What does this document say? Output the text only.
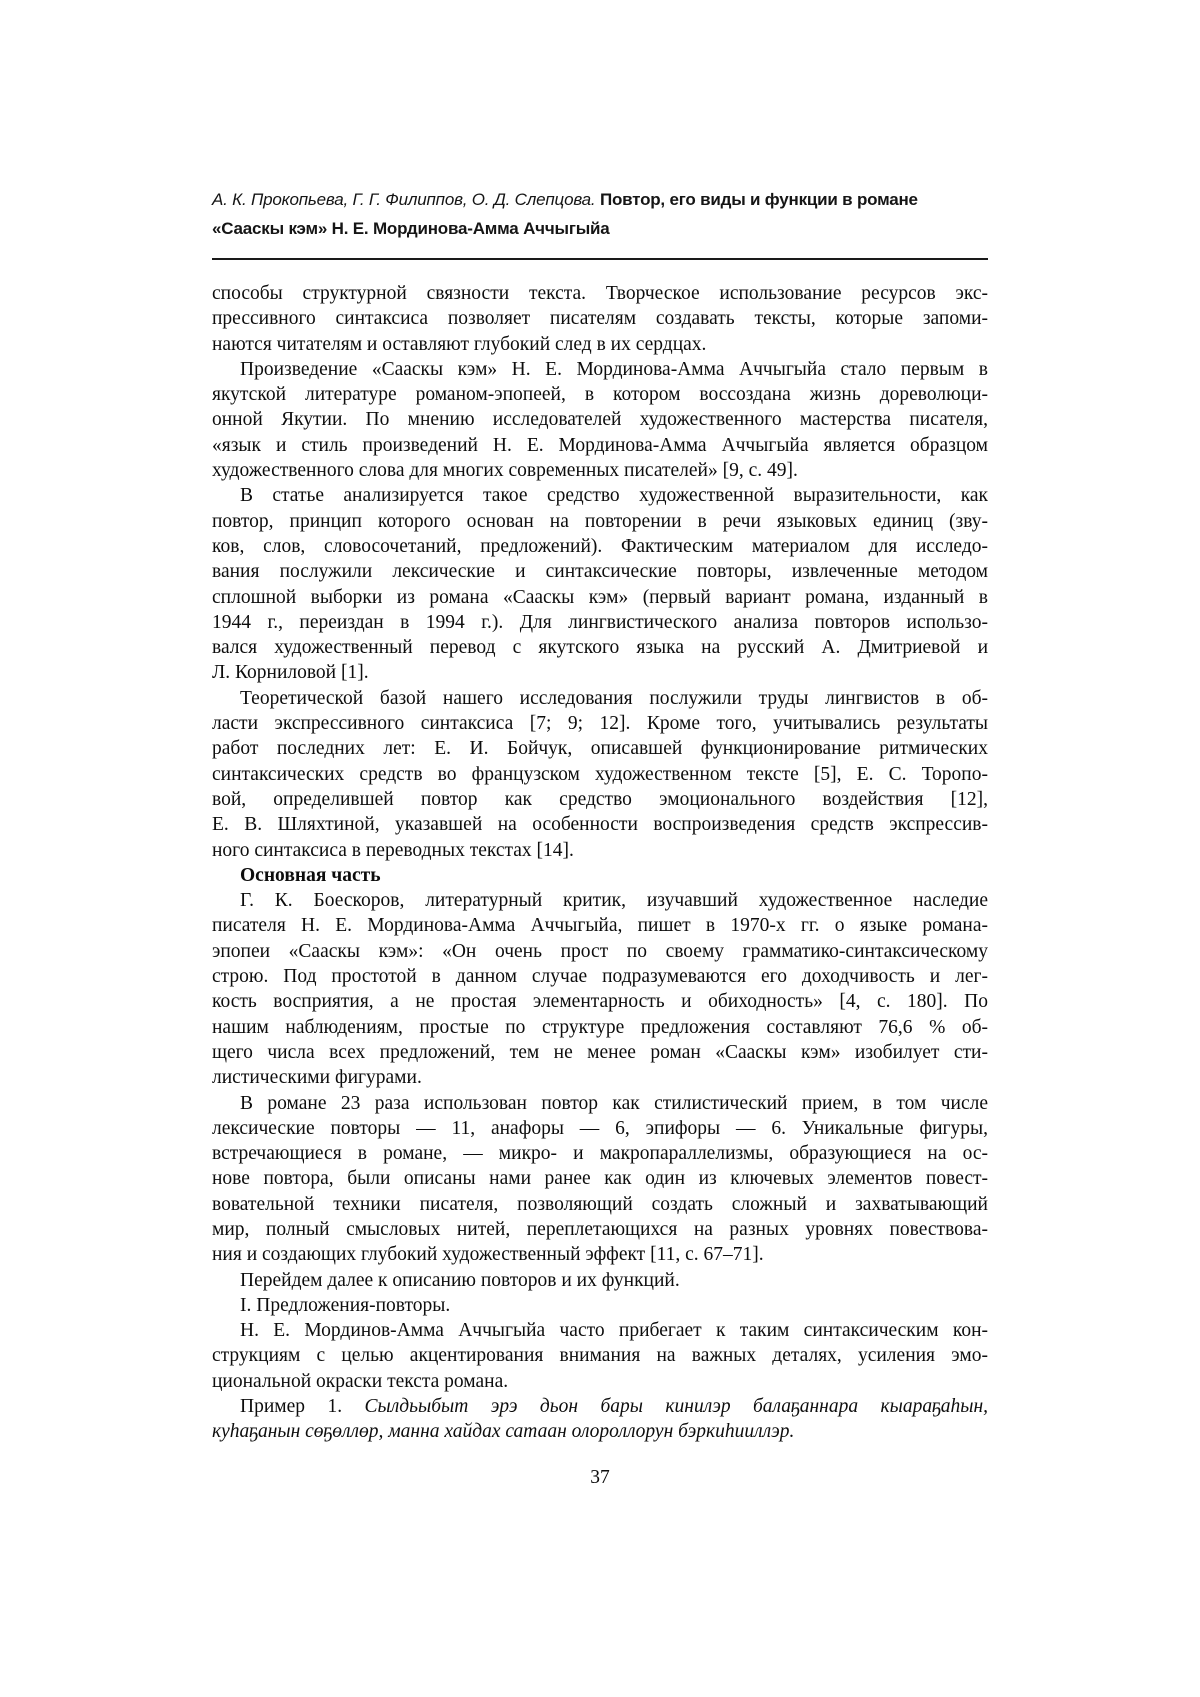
А. К. Прокопьева, Г. Г. Филиппов, О. Д. Слепцова. Повтор, его виды и функции в романе
«Сааскы кэм» Н. Е. Мординова-Амма Аччыгыйа
способы структурной связности текста. Творческое использование ресурсов экс-
прессивного синтаксиса позволяет писателям создавать тексты, которые запоми-
наются читателям и оставляют глубокий след в их сердцах.
Произведение «Сааскы кэм» Н. Е. Мординова-Амма Аччыгыйа стало первым в
якутской литературе романом-эпопеей, в котором воссоздана жизнь дореволюци-
онной Якутии. По мнению исследователей художественного мастерства писателя,
«язык и стиль произведений Н. Е. Мординова-Амма Аччыгыйа является образцом
художественного слова для многих современных писателей» [9, с. 49].
В статье анализируется такое средство художественной выразительности, как
повтор, принцип которого основан на повторении в речи языковых единиц (зву-
ков, слов, словосочетаний, предложений). Фактическим материалом для исследо-
вания послужили лексические и синтаксические повторы, извлеченные методом
сплошной выборки из романа «Сааскы кэм» (первый вариант романа, изданный в
1944 г., переиздан в 1994 г.). Для лингвистического анализа повторов использо-
вался художественный перевод с якутского языка на русский А. Дмитриевой и
Л. Корниловой [1].
Теоретической базой нашего исследования послужили труды лингвистов в об-
ласти экспрессивного синтаксиса [7; 9; 12]. Кроме того, учитывались результаты
работ последних лет: Е. И. Бойчук, описавшей функционирование ритмических
синтаксических средств во французском художественном тексте [5], Е. С. Торопо-
вой, определившей повтор как средство эмоционального воздействия [12],
Е. В. Шляхтиной, указавшей на особенности воспроизведения средств экспрессив-
ного синтаксиса в переводных текстах [14].
Основная часть
Г. К. Боескоров, литературный критик, изучавший художественное наследие
писателя Н. Е. Мординова-Амма Аччыгыйа, пишет в 1970-х гг. о языке романа-
эпопеи «Сааскы кэм»: «Он очень прост по своему грамматико-синтаксическому
строю. Под простотой в данном случае подразумеваются его доходчивость и лег-
кость восприятия, а не простая элементарность и обиходность» [4, с. 180]. По
нашим наблюдениям, простые по структуре предложения составляют 76,6 % об-
щего числа всех предложений, тем не менее роман «Сааскы кэм» изобилует сти-
листическими фигурами.
В романе 23 раза использован повтор как стилистический прием, в том числе
лексические повторы — 11, анафоры — 6, эпифоры — 6. Уникальные фигуры,
встречающиеся в романе, — микро- и макропараллелизмы, образующиеся на ос-
нове повтора, были описаны нами ранее как один из ключевых элементов повест-
вовательной техники писателя, позволяющий создать сложный и захватывающий
мир, полный смысловых нитей, переплетающихся на разных уровнях повествова-
ния и создающих глубокий художественный эффект [11, с. 67–71].
Перейдем далее к описанию повторов и их функций.
I. Предложения-повторы.
Н. Е. Мординов-Амма Аччыгыйа часто прибегает к таким синтаксическим кон-
струкциям с целью акцентирования внимания на важных деталях, усиления эмо-
циональной окраски текста романа.
Пример 1. Сылдьыбыт эрэ дьон бары кинилэр балаҕаннара кыараҕаһын,
куһаҕанын сөҕөллөр, манна хайдах сатаан олороллорун бэркиһииллэр.
37
